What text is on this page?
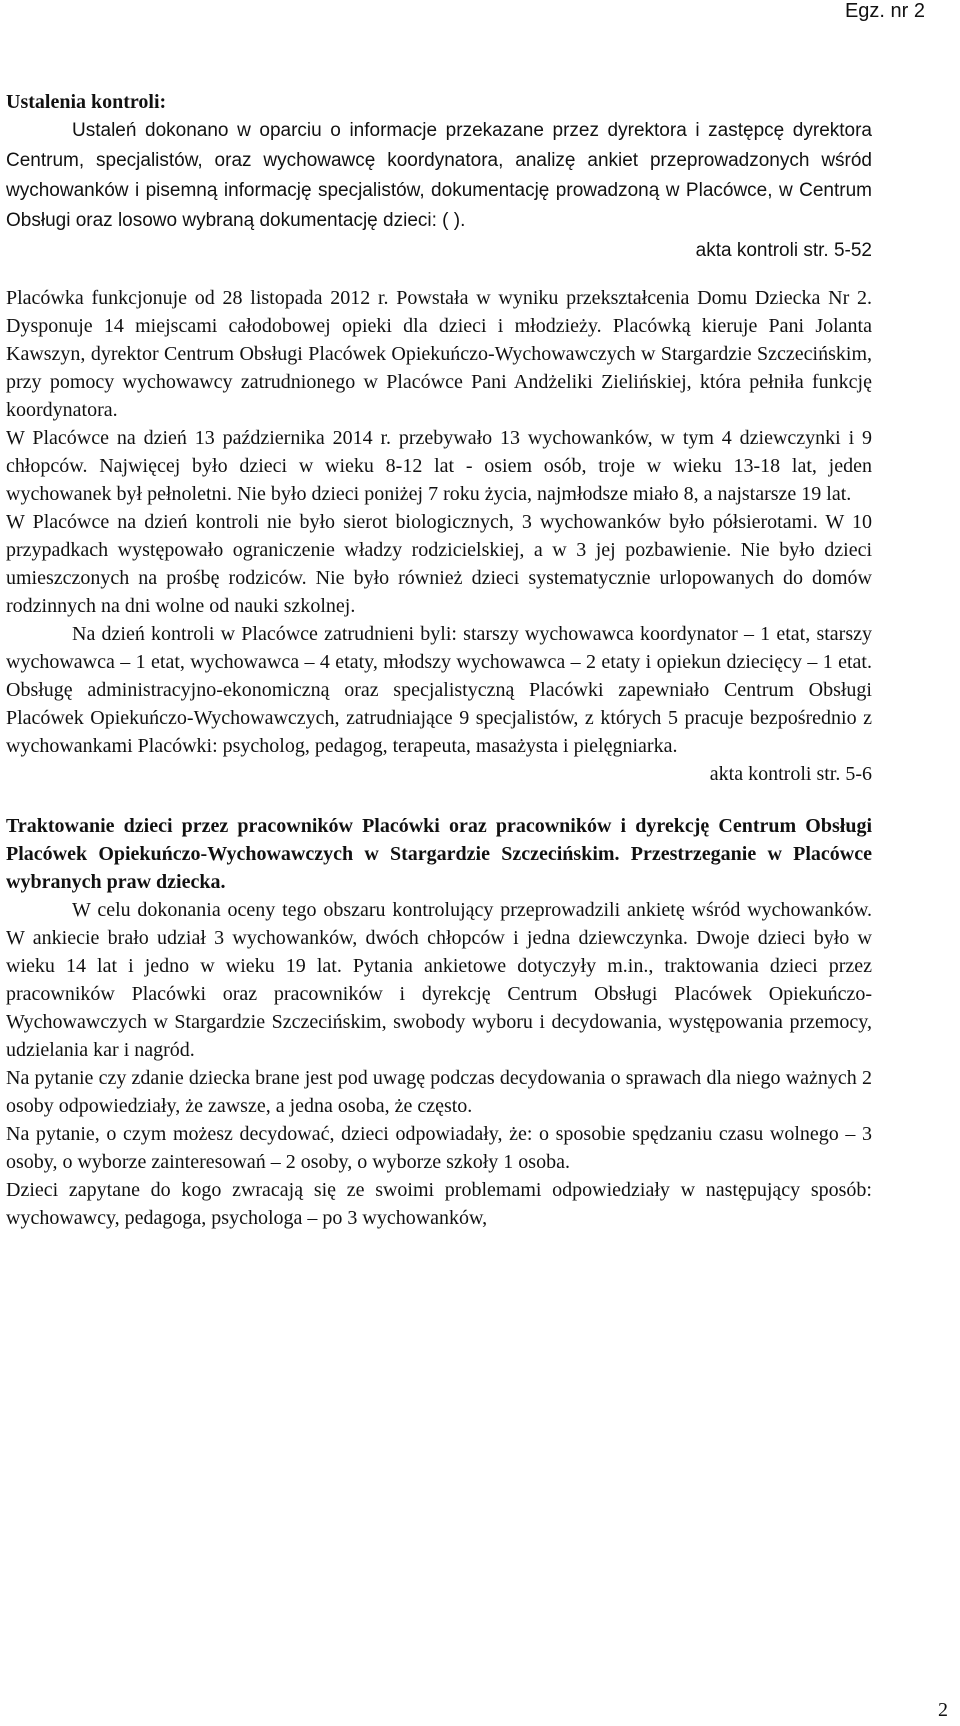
Egz. nr 2

Ustalenia kontroli:

Ustaleń dokonano w oparciu o informacje przekazane przez dyrektora i zastępcę dyrektora Centrum, specjalistów, oraz wychowawcę koordynatora, analizę ankiet przeprowadzonych wśród wychowanków i pisemną informację specjalistów, dokumentację prowadzoną w Placówce, w Centrum Obsługi oraz losowo wybraną dokumentację dzieci: ( ).

akta kontroli str. 5-52

Placówka funkcjonuje od 28 listopada 2012 r. Powstała w wyniku przekształcenia Domu Dziecka Nr 2. Dysponuje 14 miejscami całodobowej opieki dla dzieci i młodzieży. Placówką kieruje Pani Jolanta Kawszyn, dyrektor Centrum Obsługi Placówek Opiekuńczo-Wychowawczych w Stargardzie Szczecińskim, przy pomocy wychowawcy zatrudnionego w Placówce Pani Andżeliki Zielińskiej, która pełniła funkcję koordynatora.

W Placówce na dzień 13 października 2014 r. przebywało 13 wychowanków, w tym 4 dziewczynki i 9 chłopców. Najwięcej było dzieci w wieku 8-12 lat - osiem osób, troje w wieku 13-18 lat, jeden wychowanek był pełnoletni. Nie było dzieci poniżej 7 roku życia, najmłodsze miało 8, a najstarsze 19 lat.

W Placówce na dzień kontroli nie było sierot biologicznych, 3 wychowanków było półsierotami. W 10 przypadkach występowało ograniczenie władzy rodzicielskiej, a w 3 jej pozbawienie. Nie było dzieci umieszczonych na prośbę rodziców. Nie było również dzieci systematycznie urlopowanych do domów rodzinnych na dni wolne od nauki szkolnej.

Na dzień kontroli w Placówce zatrudnieni byli: starszy wychowawca koordynator – 1 etat, starszy wychowawca – 1 etat, wychowawca – 4 etaty, młodszy wychowawca – 2 etaty i opiekun dziecięcy – 1 etat. Obsługę administracyjno-ekonomiczną oraz specjalistyczną Placówki zapewniało Centrum Obsługi Placówek Opiekuńczo-Wychowawczych, zatrudniające 9 specjalistów, z których 5 pracuje bezpośrednio z wychowankami Placówki: psycholog, pedagog, terapeuta, masażysta i pielęgniarka.

akta kontroli str. 5-6

Traktowanie dzieci przez pracowników Placówki oraz pracowników i dyrekcję Centrum Obsługi Placówek Opiekuńczo-Wychowawczych w Stargardzie Szczecińskim. Przestrzeganie w Placówce wybranych praw dziecka.

W celu dokonania oceny tego obszaru kontrolujący przeprowadzili ankietę wśród wychowanków. W ankiecie brało udział 3 wychowanków, dwóch chłopców i jedna dziewczynka. Dwoje dzieci było w wieku 14 lat i jedno w wieku 19 lat. Pytania ankietowe dotyczyły m.in., traktowania dzieci przez pracowników Placówki oraz pracowników i dyrekcję Centrum Obsługi Placówek Opiekuńczo-Wychowawczych w Stargardzie Szczecińskim, swobody wyboru i decydowania, występowania przemocy, udzielania kar i nagród.

Na pytanie czy zdanie dziecka brane jest pod uwagę podczas decydowania o sprawach dla niego ważnych 2 osoby odpowiedziały, że zawsze, a jedna osoba, że często.

Na pytanie, o czym możesz decydować, dzieci odpowiadały, że: o sposobie spędzaniu czasu wolnego – 3 osoby, o wyborze zainteresowań – 2 osoby, o wyborze szkoły 1 osoba.

Dzieci zapytane do kogo zwracają się ze swoimi problemami odpowiedziały w następujący sposób: wychowawcy, pedagoga, psychologa – po 3 wychowanków,

2
